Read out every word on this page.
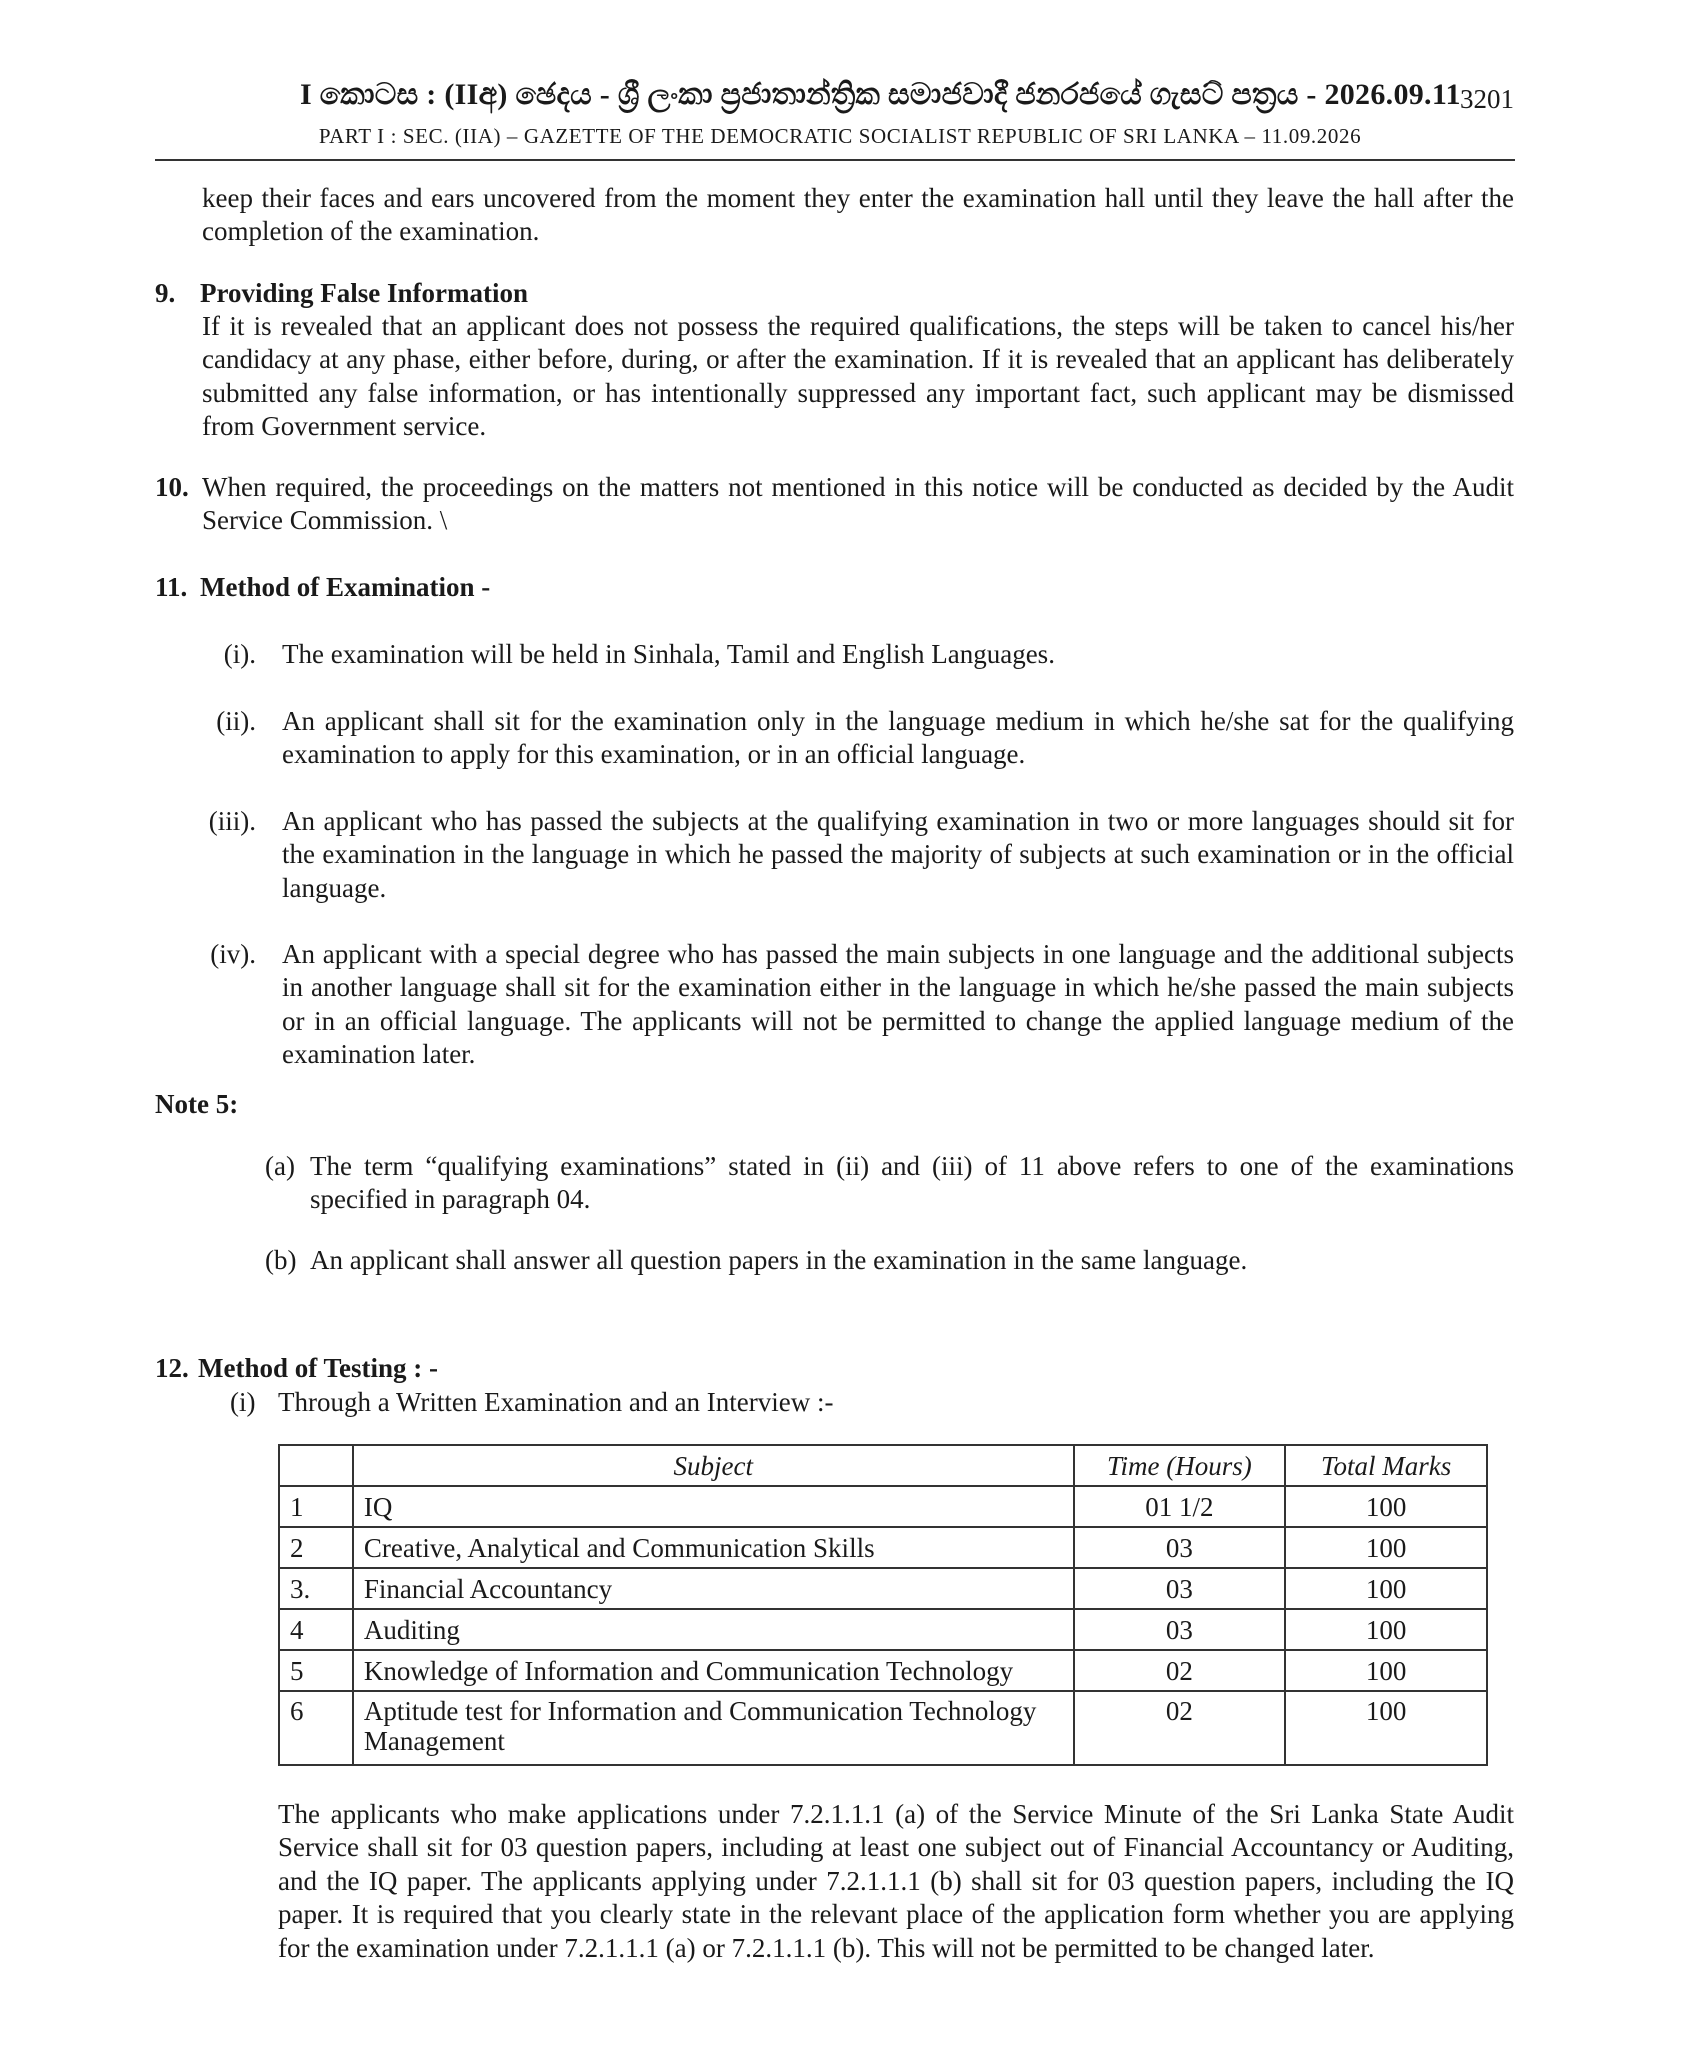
I කොටස : (IIඅ) ඡෙදය - ශ්‍රී ලංකා ප්‍රජාතාන්ත්‍රික සමාජවාදී ජනරජයේ ගැසට් පත්‍රය - 2026.09.11 3201
PART I : SEC. (IIA) – GAZETTE OF THE DEMOCRATIC SOCIALIST REPUBLIC OF SRI LANKA – 11.09.2026
keep their faces and ears uncovered from the moment they enter the examination hall until they leave the hall after the completion of the examination.
9. Providing False Information
If it is revealed that an applicant does not possess the required qualifications, the steps will be taken to cancel his/her candidacy at any phase, either before, during, or after the examination. If it is revealed that an applicant has deliberately submitted any false information, or has intentionally suppressed any important fact, such applicant may be dismissed from Government service.
10. When required, the proceedings on the matters not mentioned in this notice will be conducted as decided by the Audit Service Commission. \
11. Method of Examination -
(i). The examination will be held in Sinhala, Tamil and English Languages.
(ii). An applicant shall sit for the examination only in the language medium in which he/she sat for the qualifying examination to apply for this examination, or in an official language.
(iii). An applicant who has passed the subjects at the qualifying examination in two or more languages should sit for the examination in the language in which he passed the majority of subjects at such examination or in the official language.
(iv). An applicant with a special degree who has passed the main subjects in one language and the additional subjects in another language shall sit for the examination either in the language in which he/she passed the main subjects or in an official language. The applicants will not be permitted to change the applied language medium of the examination later.
Note 5:
(a) The term “qualifying examinations” stated in (ii) and (iii) of 11 above refers to one of the examinations specified in paragraph 04.
(b) An applicant shall answer all question papers in the examination in the same language.
12. Method of Testing : -
(i) Through a Written Examination and an Interview :-
	Subject	Time (Hours)	Total Marks
1	IQ	01 1/2	100
2	Creative, Analytical and Communication Skills	03	100
3.	Financial Accountancy	03	100
4	Auditing	03	100
5	Knowledge of Information and Communication Technology	02	100
6	Aptitude test for Information and Communication Technology Management	02	100
The applicants who make applications under 7.2.1.1.1 (a) of the Service Minute of the Sri Lanka State Audit Service shall sit for 03 question papers, including at least one subject out of Financial Accountancy or Auditing, and the IQ paper. The applicants applying under 7.2.1.1.1 (b) shall sit for 03 question papers, including the IQ paper. It is required that you clearly state in the relevant place of the application form whether you are applying for the examination under 7.2.1.1.1 (a) or 7.2.1.1.1 (b). This will not be permitted to be changed later.
